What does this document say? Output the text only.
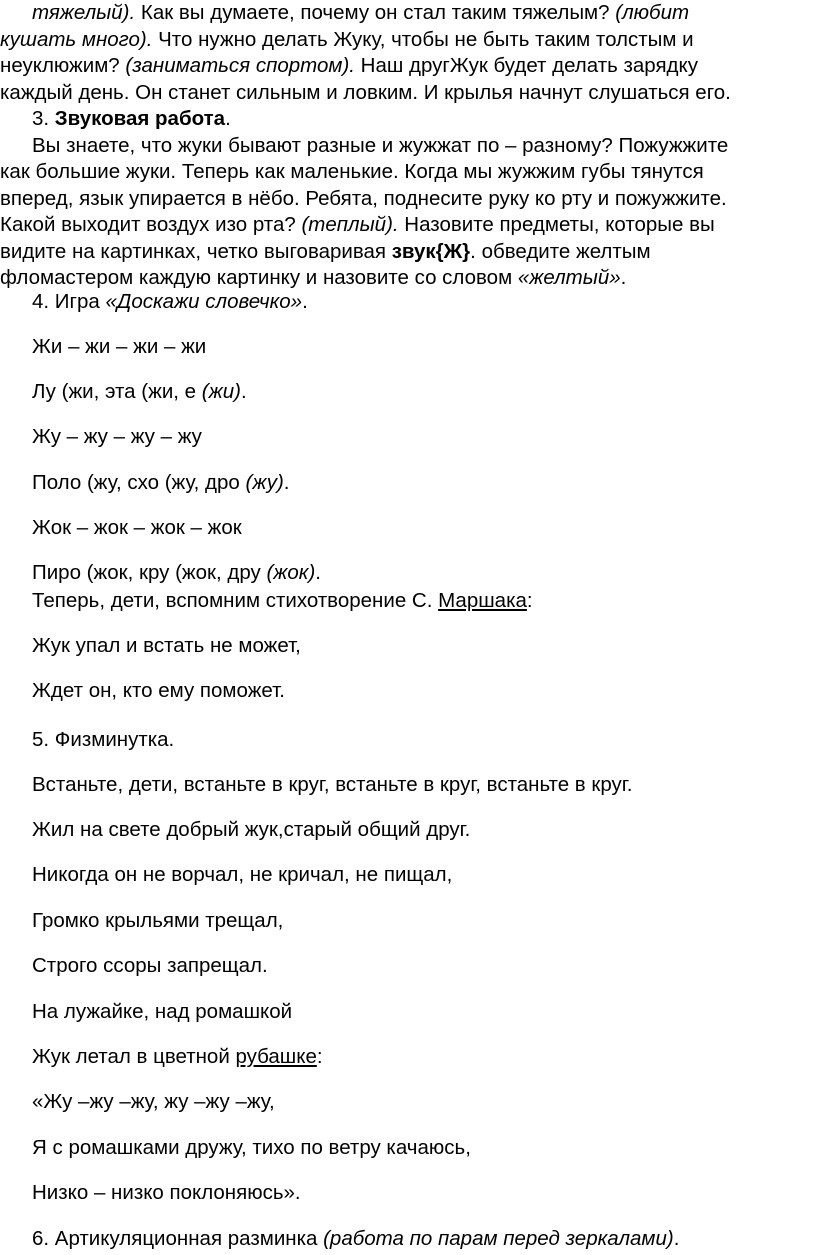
тяжелый). Как вы думаете, почему он стал таким тяжелым? (любит
кушать много). Что нужно делать Жуку, чтобы не быть таким толстым и
неуклюжим? (заниматься спортом). Наш другЖук будет делать зарядку
каждый день. Он станет сильным и ловким. И крылья начнут слушаться его.
3. Звуковая работа.
Вы знаете, что жуки бывают разные и жужжат по – разному? Пожужжите
как большие жуки. Теперь как маленькие. Когда мы жужжим губы тянутся
вперед, язык упирается в нёбо. Ребята, поднесите руку ко рту и пожужжите.
Какой выходит воздух изо рта? (теплый). Назовите предметы, которые вы
видите на картинках, четко выговаривая звук{Ж}. обведите желтым
фломастером каждую картинку и назовите со словом «желтый».

4. Игра «Доскажи словечко».

Жи – жи – жи – жи

Лу (жи, эта (жи, е (жи).

Жу – жу – жу – жу

Поло (жу, схо (жу, дро (жу).

Жок – жок – жок – жок

Пиро (жок, кру (жок, дру (жок).

Теперь, дети, вспомним стихотворение С. Маршака:

Жук упал и встать не может,

Ждет он, кто ему поможет.

5. Физминутка.

Встаньте, дети, встаньте в круг, встаньте в круг, встаньте в круг.

Жил на свете добрый жук,старый общий друг.

Никогда он не ворчал, не кричал, не пищал,

Громко крыльями трещал,

Строго ссоры запрещал.

На лужайке, над ромашкой

Жук летал в цветной рубашке:

«Жу –жу –жу, жу –жу –жу,

Я с ромашками дружу, тихо по ветру качаюсь,

Низко – низко поклоняюсь».

6. Артикуляционная разминка (работа по парам перед зеркалами).
